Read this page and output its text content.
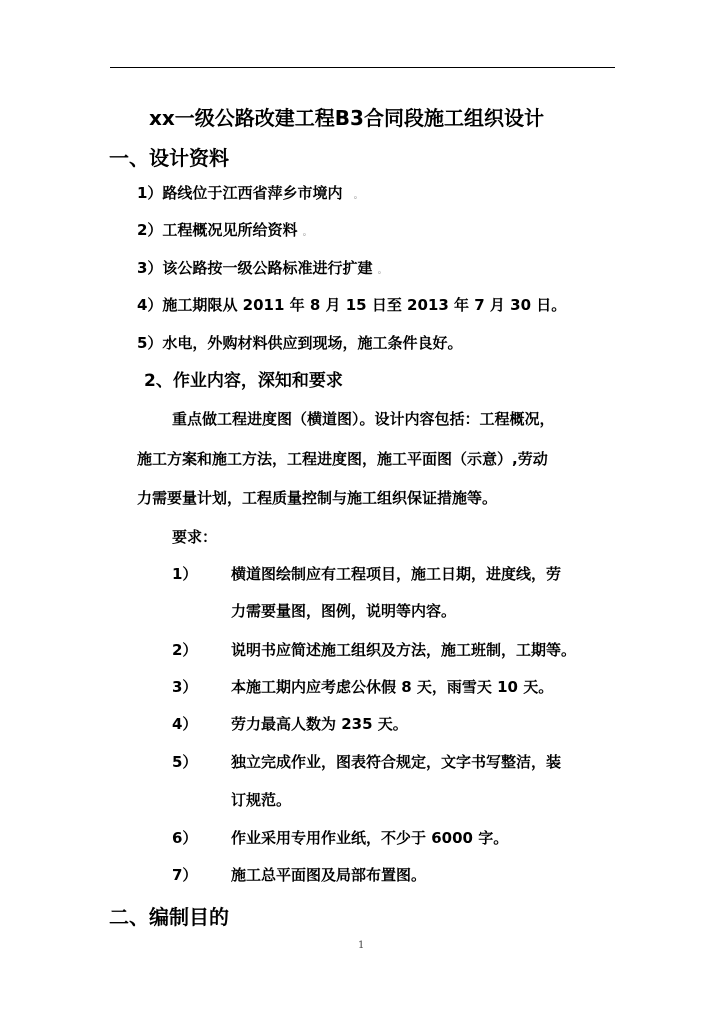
xx一级公路改建工程B3合同段施工组织设计
一、设计资料
1）路线位于江西省萍乡市境内 。
2）工程概况见所给资料 。
3）该公路按一级公路标准进行扩建 。
4）施工期限从 2011 年 8 月 15 日至 2013 年 7 月 30 日。
5）水电，外购材料供应到现场，施工条件良好。
2、作业内容，深知和要求
重点做工程进度图（横道图）。设计内容包括：工程概况，
施工方案和施工方法，工程进度图，施工平面图（示意）,劳动
力需要量计划，工程质量控制与施工组织保证措施等。
要求：
1） 横道图绘制应有工程项目，施工日期，进度线，劳
力需要量图，图例，说明等内容。
2） 说明书应简述施工组织及方法，施工班制，工期等。
3） 本施工期内应考虑公休假 8 天，雨雪天 10 天。
4） 劳力最高人数为 235 天。
5） 独立完成作业，图表符合规定，文字书写整洁，装
订规范。
6） 作业采用专用作业纸，不少于 6000 字。
7） 施工总平面图及局部布置图。
二、编制目的
1
